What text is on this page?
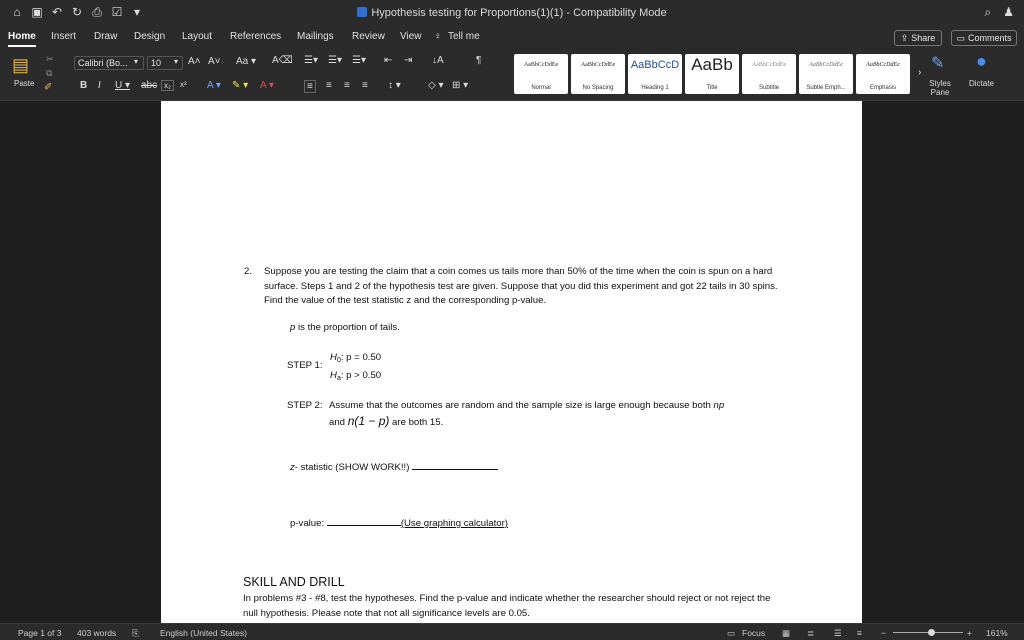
⌂ ▣ ↶ ↻ ⎙ ☑ ▾	Hypothesis testing for Proportions(1)(1) - Compatibility Mode	⌕ ♟
Home Insert Draw Design Layout References Mailings Review View ♀ Tell me	⇪ Share ▭ Comments
▤
Paste
✂
⧉
✐
Calibri (Bo... ▾	10	▾ A˄ A˅ Aa ▾ A⌫
B I U ▾ abc x₂	x² A ▾ ✎ ▾ A ▾
☰▾ ☰▾ ☰▾ ⇤ ⇥ ↓A	¶
≡	≡ ≡ ≡ ↕ ▾	◇ ▾ ⊞ ▾
AaBbCcDdEe
Normal
AaBbCcDdEe
No Spacing
AaBbCcD
Heading 1
AaBb
Title
AaBbCcDdEe
Subtitle
AaBbCcDdEe
Subtle Emph...
AaBbCcDdEe
Emphasis
›
✎
Styles Pane
●
Dictate
2. Suppose you are testing the claim that a coin comes us tails more than 50% of the time when the coin is spun on a hard surface. Steps 1 and 2 of the hypothesis test are given. Suppose that you did this experiment and got 22 tails in 30 spins. Find the value of the test statistic z and the corresponding p-value.
p is the proportion of tails.
STEP 1:
$H_0$: p = 0.50
$H_a$: p > 0.50
STEP 2: Assume that the outcomes are random and the sample size is large enough because both np
and n(1 − p) are both 15.
z- statistic (SHOW WORK!!)
p-value:	(Use graphing calculator)
SKILL AND DRILL
In problems #3 - #8, test the hypotheses. Find the p-value and indicate whether the researcher should reject or not reject the null hypothesis. Please note that not all significance levels are 0.05.
Page 1 of 3 403 words ⎘ English (United States)	▭ Focus ▦ ≣ ☰ ≡ −	+ 161%
